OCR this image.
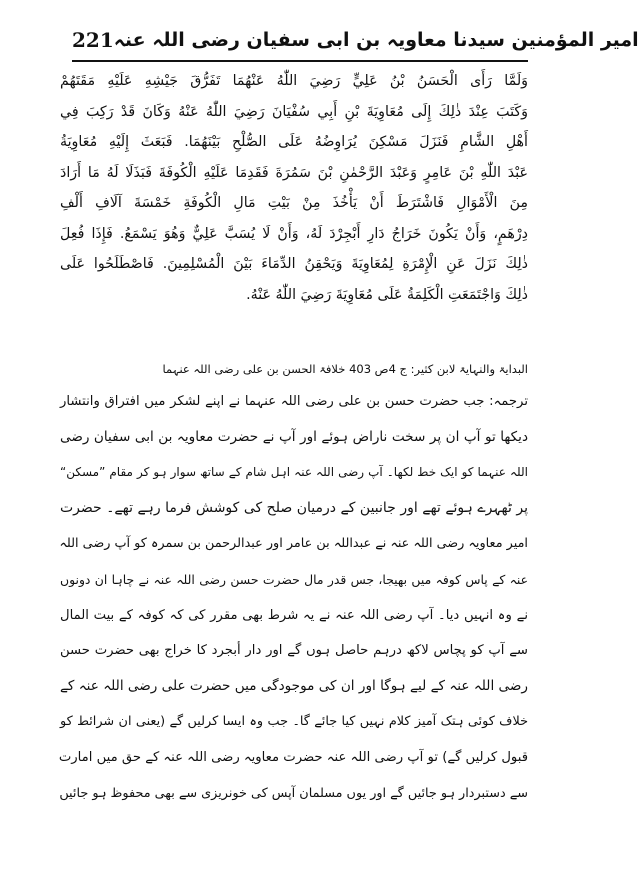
221 امیر المؤمنین سیدنا معاویہ بن ابی سفیان رضی اللہ عنہ
وَلَمَّا رَأَى الْحَسَنُ بْنُ عَلِيٍّ رَضِيَ اللّٰهُ عَنْهُمَا تَفَرُّقَ جَيْشِهِ عَلَيْهِ مَقَتَهُمْ
وَكَتَبَ عِنْدَ ذٰلِكَ إِلَى مُعَاوِيَةَ بْنِ أَبِي سُفْيَانَ رَضِيَ اللّٰهُ عَنْهُ وَكَانَ قَدْ رَكِبَ فِي
أَهْلِ الشَّامِ فَنَزَلَ مَسْكِنَ يُرَاوِضُهُ عَلَى الصُّلْحِ بَيْنَهُمَا. فَبَعَثَ إِلَيْهِ مُعَاوِيَةُ
عَبْدَ اللّٰهِ بْنَ عَامِرٍ وَعَبْدَ الرَّحْمٰنِ بْنَ سَمُرَةَ فَقَدِمَا عَلَيْهِ الْكُوفَةَ فَبَذَلَا لَهُ مَا أَرَادَ
مِنَ الْأَمْوَالِ فَاشْتَرَطَ أَنْ يَأْخُذَ مِنْ بَيْتِ مَالِ الْكُوفَةِ خَمْسَةَ آلَافِ أَلْفِ
دِرْهَمٍ، وَأَنْ يَكُونَ خَرَاجُ دَارِ أَبْجِرْدَ لَهُ، وَأَنْ لَا يُسَبَّ عَلِيٌّ وَهُوَ يَسْمَعُ. فَإِذَا فُعِلَ
ذٰلِكَ نَزَلَ عَنِ الْإِمْرَةِ لِمُعَاوِيَةَ وَيَحْقِنُ الدِّمَاءَ بَيْنَ الْمُسْلِمِينَ. فَاصْطَلَحُوا عَلَى
ذٰلِكَ وَاجْتَمَعَتِ الْكَلِمَةُ عَلَى مُعَاوِيَةَ رَضِيَ اللّٰهُ عَنْهُ.
البدایۃ والنہایۃ لابن کثیر: ج 4ص 403 خلافۃ الحسن بن علی رضی اللہ عنہما
ترجمہ: جب حضرت حسن بن علی رضی اللہ عنہما نے اپنے لشکر میں افتراق وانتشار
دیکھا تو آپ ان پر سخت ناراض ہوئے اور آپ نے حضرت معاویہ بن ابی سفیان رضی
اللہ عنہما کو ایک خط لکھا۔ آپ رضی اللہ عنہ اہل شام کے ساتھ سوار ہو کر مقام ”مسکن“
پر ٹھہرے ہوئے تھے اور جانبین کے درمیان صلح کی کوشش فرما رہے تھے۔ حضرت
امیر معاویہ رضی اللہ عنہ نے عبداللہ بن عامر اور عبدالرحمن بن سمرہ کو آپ رضی اللہ
عنہ کے پاس کوفہ میں بھیجا، جس قدر مال حضرت حسن رضی اللہ عنہ نے چاہا ان دونوں
نے وہ انہیں دیا۔ آپ رضی اللہ عنہ نے یہ شرط بھی مقرر کی کہ کوفہ کے بیت المال
سے آپ کو پچاس لاکھ درہم حاصل ہوں گے اور دار أبجرد کا خراج بھی حضرت حسن
رضی اللہ عنہ کے لیے ہوگا اور ان کی موجودگی میں حضرت علی رضی اللہ عنہ کے
خلاف کوئی ہتک آمیز کلام نہیں کیا جائے گا۔ جب وہ ایسا کرلیں گے (یعنی ان شرائط کو
قبول کرلیں گے) تو آپ رضی اللہ عنہ حضرت معاویہ رضی اللہ عنہ کے حق میں امارت
سے دستبردار ہو جائیں گے اور یوں مسلمان آپس کی خونریزی سے بھی محفوظ ہو جائیں
